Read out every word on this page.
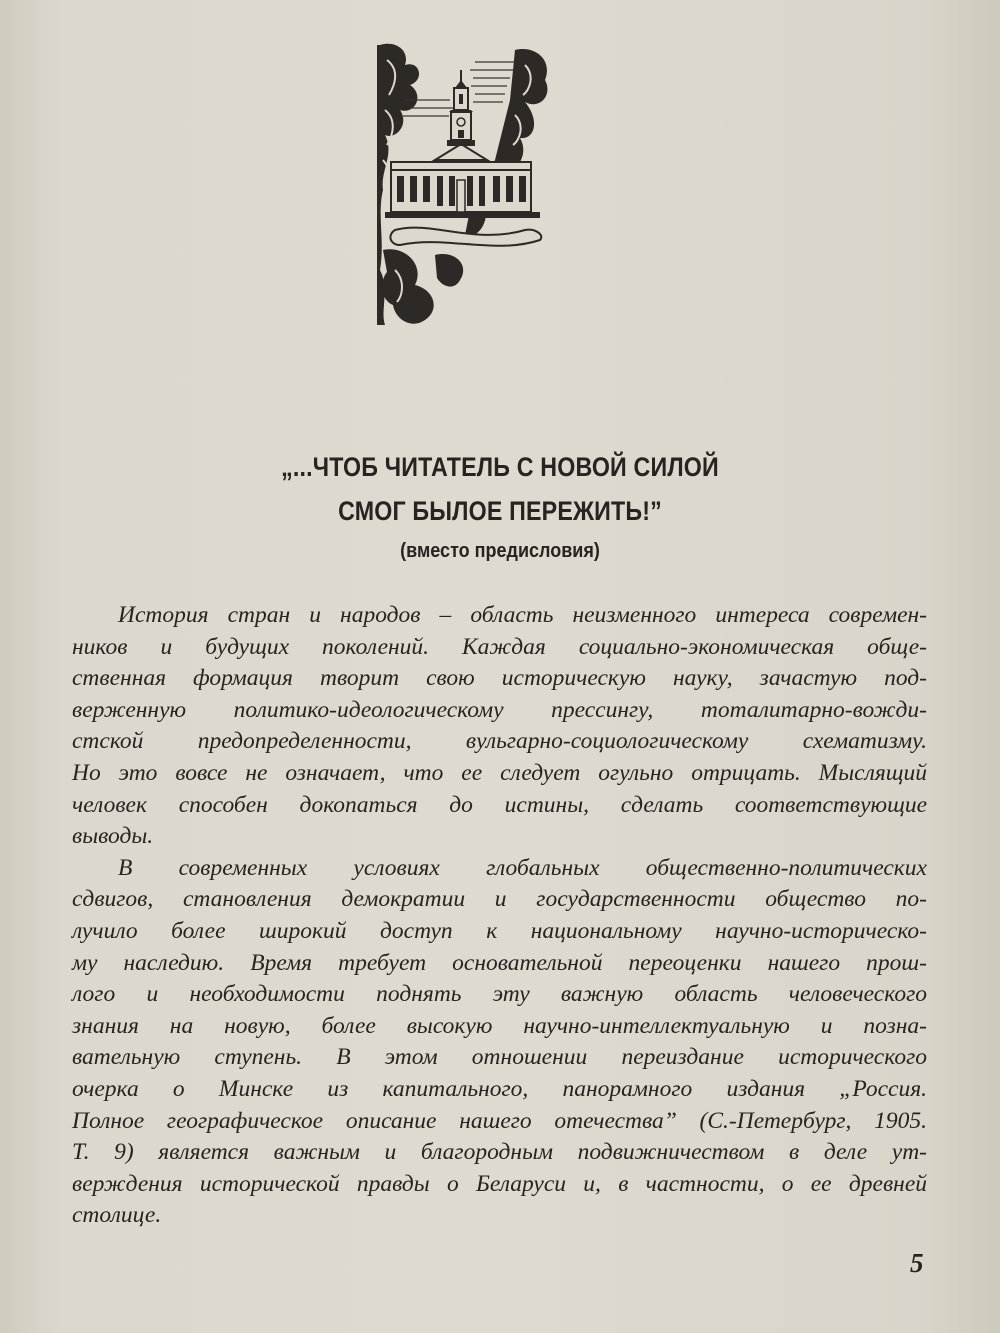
„...ЧТОБ ЧИТАТЕЛЬ С НОВОЙ СИЛОЙ
СМОГ БЫЛОЕ ПЕРЕЖИТЬ!”
(вместо предисловия)
История стран и народов – область неизменного интереса современ-
ников и будущих поколений. Каждая социально-экономическая обще-
ственная формация творит свою историческую науку, зачастую под-
верженную политико-идеологическому прессингу, тоталитарно-вожди-
стской предопределенности, вульгарно-социологическому схематизму.
Но это вовсе не означает, что ее следует огульно отрицать. Мыслящий
человек способен докопаться до истины, сделать соответствующие
выводы.
В современных условиях глобальных общественно-политических
сдвигов, становления демократии и государственности общество по-
лучило более широкий доступ к национальному научно-историческо-
му наследию. Время требует основательной переоценки нашего прош-
лого и необходимости поднять эту важную область человеческого
знания на новую, более высокую научно-интеллектуальную и позна-
вательную ступень. В этом отношении переиздание исторического
очерка о Минске из капитального, панорамного издания „Россия.
Полное географическое описание нашего отечества” (С.-Петербург, 1905.
Т. 9) является важным и благородным подвижничеством в деле ут-
верждения исторической правды о Беларуси и, в частности, о ее древней
столице.
5
